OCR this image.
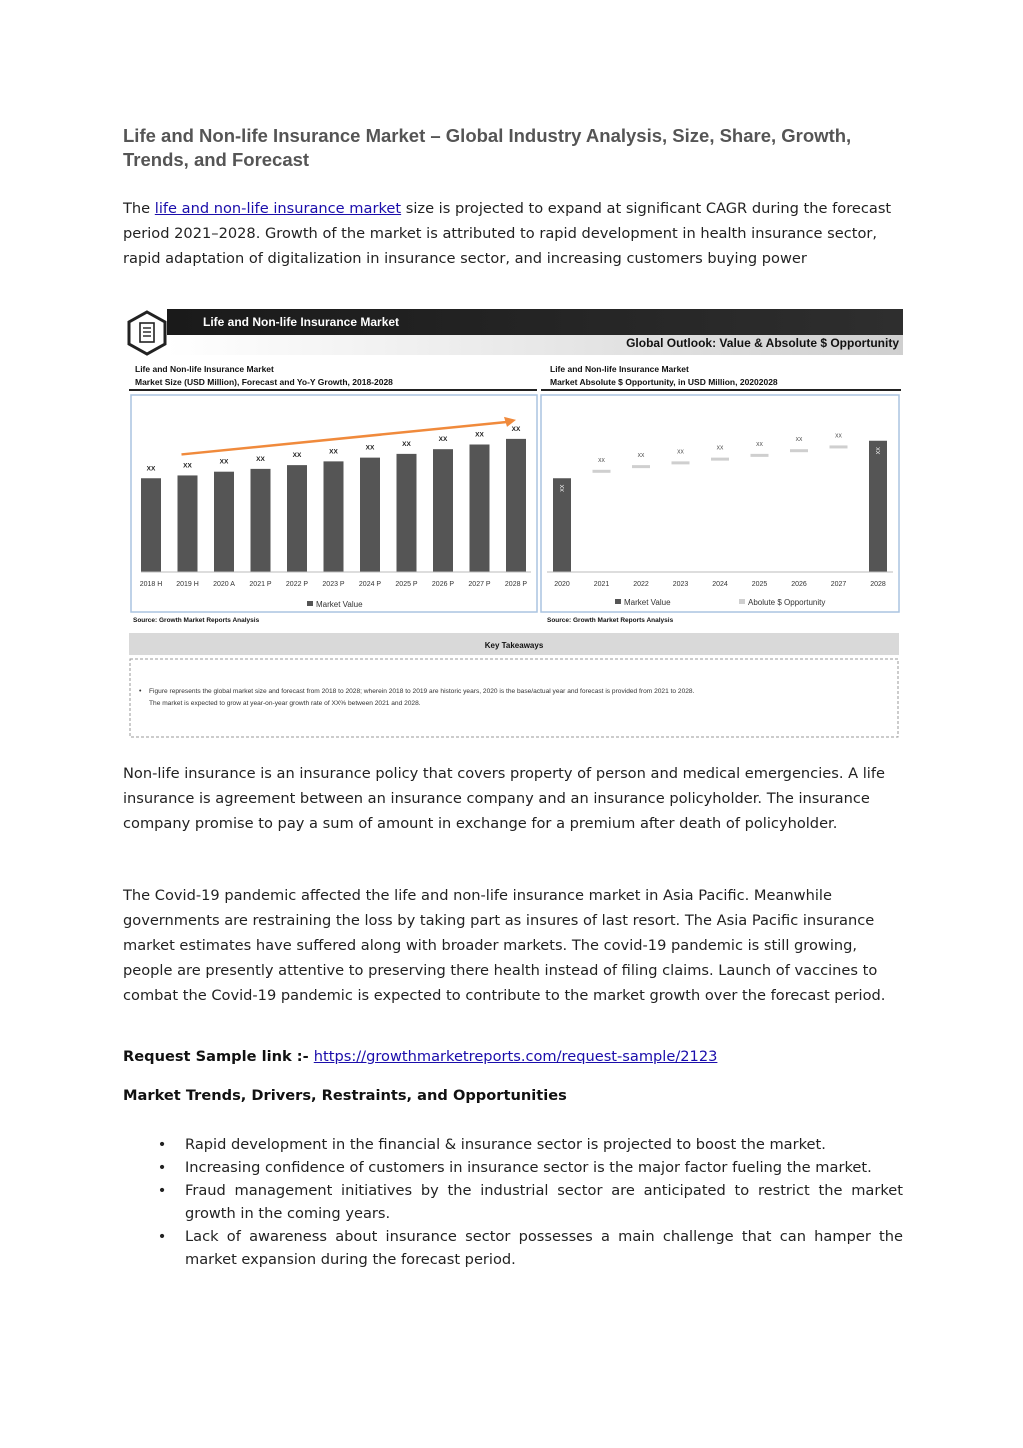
Life and Non-life Insurance Market – Global Industry Analysis, Size, Share, Growth, Trends, and Forecast

The life and non-life insurance market size is projected to expand at significant CAGR during the forecast period 2021–2028. Growth of the market is attributed to rapid development in health insurance sector, rapid adaptation of digitalization in insurance sector, and increasing customers buying power

Life and Non-life Insurance Market
Global Outlook: Value & Absolute $ Opportunity
Life and Non-life Insurance Market
Market Size (USD Million), Forecast and Yo-Y Growth, 2018-2028
Life and Non-life Insurance Market
Market Absolute $ Opportunity, in USD Million, 20202028
XX
2018 H
XX
2019 H
XX
2020 A
XX
2021 P
XX
2022 P
XX
2023 P
XX
2024 P
XX
2025 P
XX
2026 P
XX
2027 P
XX
2028 P
XX
2020
XX
2021
XX
2022
XX
2023
XX
2024
XX
2025
XX
2026
XX
2027
XX
2028
Market Value	Market Value	Abolute $ Opportunity
Source: Growth Market Reports Analysis	Source: Growth Market Reports Analysis
Key Takeaways
• Figure represents the global market size and forecast from 2018 to 2028; wherein 2018 to 2019 are historic years, 2020 is the base/actual year and forecast is provided from 2021 to 2028.
The market is expected to grow at year-on-year growth rate of XX% between 2021 and 2028.

Non-life insurance is an insurance policy that covers property of person and medical emergencies. A life insurance is agreement between an insurance company and an insurance policyholder. The insurance company promise to pay a sum of amount in exchange for a premium after death of policyholder.

The Covid-19 pandemic affected the life and non-life insurance market in Asia Pacific. Meanwhile governments are restraining the loss by taking part as insures of last resort. The Asia Pacific insurance market estimates have suffered along with broader markets. The covid-19 pandemic is still growing, people are presently attentive to preserving there health instead of filing claims. Launch of vaccines to combat the Covid-19 pandemic is expected to contribute to the market growth over the forecast period.

Request Sample link :- https://growthmarketreports.com/request-sample/2123

Market Trends, Drivers, Restraints, and Opportunities

• Rapid development in the financial & insurance sector is projected to boost the market.
• Increasing confidence of customers in insurance sector is the major factor fueling the market.
• Fraud management initiatives by the industrial sector are anticipated to restrict the market growth in the coming years.
• Lack of awareness about insurance sector possesses a main challenge that can hamper the market expansion during the forecast period.
